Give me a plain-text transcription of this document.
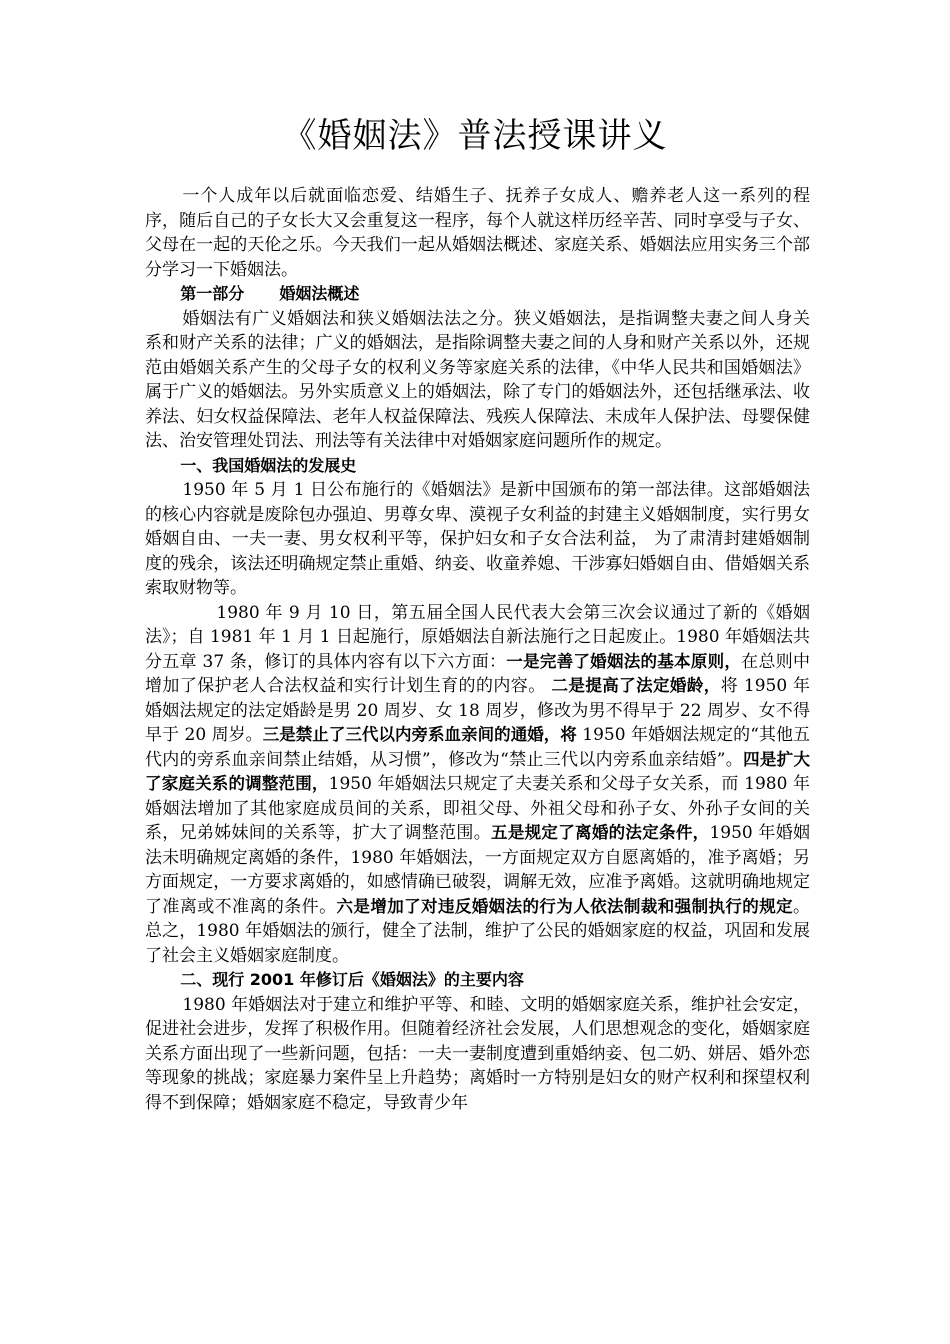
《婚姻法》普法授课讲义

一个人成年以后就面临恋爱、结婚生子、抚养子女成人、赡养老人这一系列的程序，随后自己的子女长大又会重复这一程序，每个人就这样历经辛苦、同时享受与子女、父母在一起的天伦之乐。今天我们一起从婚姻法概述、家庭关系、婚姻法应用实务三个部分学习一下婚姻法。

第一部分 婚姻法概述

婚姻法有广义婚姻法和狭义婚姻法法之分。狭义婚姻法，是指调整夫妻之间人身关系和财产关系的法律；广义的婚姻法，是指除调整夫妻之间的人身和财产关系以外，还规范由婚姻关系产生的父母子女的权利义务等家庭关系的法律，《中华人民共和国婚姻法》属于广义的婚姻法。另外实质意义上的婚姻法，除了专门的婚姻法外，还包括继承法、收养法、妇女权益保障法、老年人权益保障法、残疾人保障法、未成年人保护法、母婴保健法、治安管理处罚法、刑法等有关法律中对婚姻家庭问题所作的规定。

一、我国婚姻法的发展史

1950 年 5 月 1 日公布施行的《婚姻法》是新中国颁布的第一部法律。这部婚姻法的核心内容就是废除包办强迫、男尊女卑、漠视子女利益的封建主义婚姻制度，实行男女婚姻自由、一夫一妻、男女权利平等，保护妇女和子女合法利益， 为了肃清封建婚姻制度的残余，该法还明确规定禁止重婚、纳妾、收童养媳、干涉寡妇婚姻自由、借婚姻关系索取财物等。

1980 年 9 月 10 日，第五届全国人民代表大会第三次会议通过了新的《婚姻法》；自 1981 年 1 月 1 日起施行，原婚姻法自新法施行之日起废止。1980 年婚姻法共分五章 37 条，修订的具体内容有以下六方面：一是完善了婚姻法的基本原则，在总则中增加了保护老人合法权益和实行计划生育的的内容。 二是提高了法定婚龄，将 1950 年婚姻法规定的法定婚龄是男 20 周岁、女 18 周岁，修改为男不得早于 22 周岁、女不得早于 20 周岁。三是禁止了三代以内旁系血亲间的通婚，将 1950 年婚姻法规定的“其他五代内的旁系血亲间禁止结婚，从习惯”，修改为“禁止三代以内旁系血亲结婚”。四是扩大了家庭关系的调整范围，1950 年婚姻法只规定了夫妻关系和父母子女关系，而 1980 年婚姻法增加了其他家庭成员间的关系，即祖父母、外祖父母和孙子女、外孙子女间的关系，兄弟姊妹间的关系等，扩大了调整范围。五是规定了离婚的法定条件，1950 年婚姻法未明确规定离婚的条件，1980 年婚姻法，一方面规定双方自愿离婚的，准予离婚；另方面规定，一方要求离婚的，如感情确已破裂，调解无效，应准予离婚。这就明确地规定了准离或不准离的条件。六是增加了对违反婚姻法的行为人依法制裁和强制执行的规定。总之，1980 年婚姻法的颁行，健全了法制，维护了公民的婚姻家庭的权益，巩固和发展了社会主义婚姻家庭制度。

二、现行 2001 年修订后《婚姻法》的主要内容

1980 年婚姻法对于建立和维护平等、和睦、文明的婚姻家庭关系，维护社会安定，促进社会进步，发挥了积极作用。但随着经济社会发展，人们思想观念的变化，婚姻家庭关系方面出现了一些新问题，包括：一夫一妻制度遭到重婚纳妾、包二奶、姘居、婚外恋等现象的挑战；家庭暴力案件呈上升趋势；离婚时一方特别是妇女的财产权利和探望权利得不到保障；婚姻家庭不稳定，导致青少年
